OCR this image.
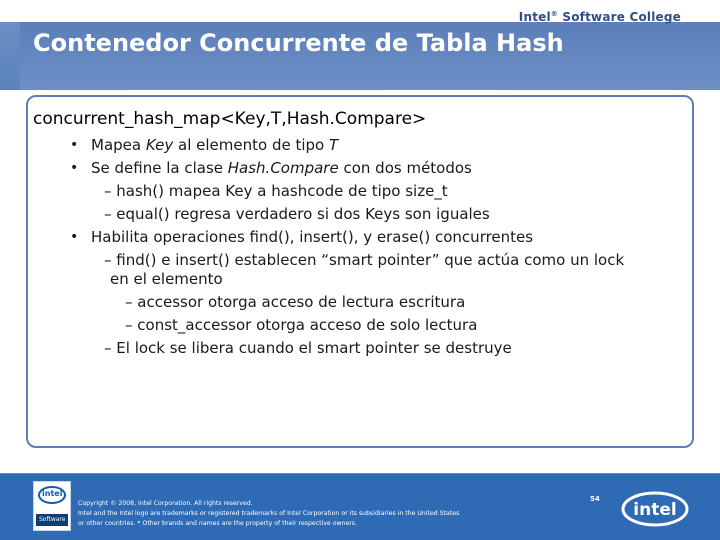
Intel® Software College
Contenedor Concurrente de Tabla Hash
concurrent_hash_map<Key,T,Hash.Compare>
• Mapea Key al elemento de tipo T
• Se define la clase Hash.Compare con dos métodos
– hash() mapea Key a hashcode de tipo size_t
– equal() regresa verdadero si dos Keys son iguales
• Habilita operaciones find(), insert(), y erase() concurrentes
– find() e insert() establecen “smart pointer” que actúa como un lock
en el elemento
– accessor otorga acceso de lectura escritura
– const_accessor otorga acceso de solo lectura
– El lock se libera cuando el smart pointer se destruye
intel
Software
Copyright © 2008, Intel Corporation. All rights reserved.
Intel and the Intel logo are trademarks or registered trademarks of Intel Corporation or its subsidiaries in the United States
or other countries. * Other brands and names are the property of their respective owners.
54
intel
